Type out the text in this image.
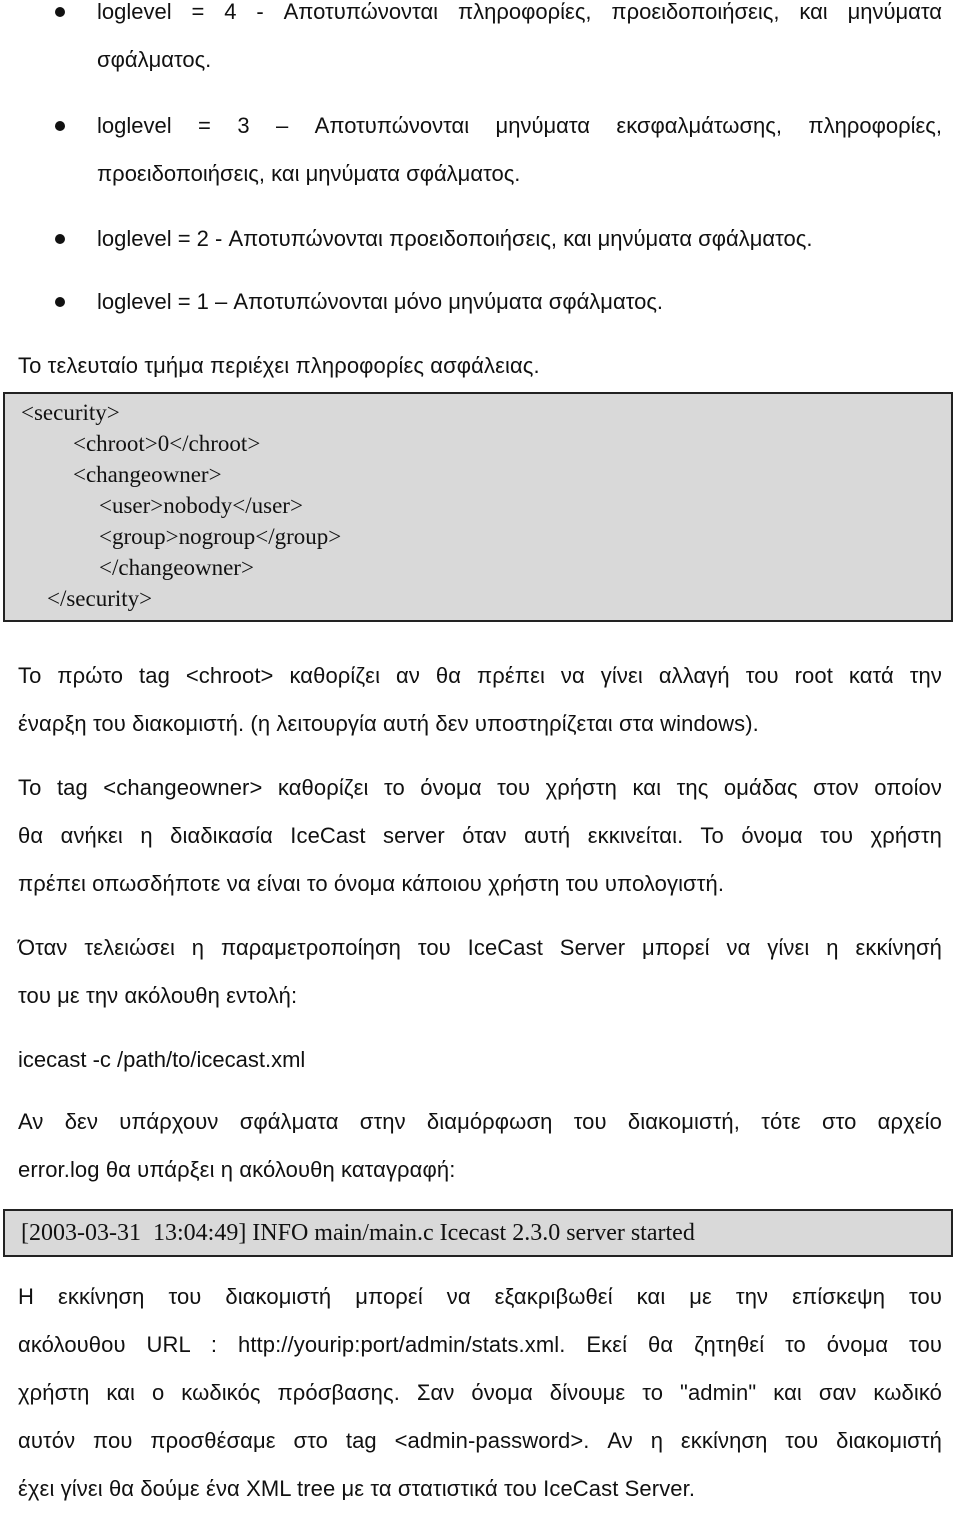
loglevel = 4 - Αποτυπώνονται πληροφορίες, προειδοποιήσεις, και μηνύματα
σφάλματος.
loglevel = 3 – Αποτυπώνονται μηνύματα εκσφαλμάτωσης, πληροφορίες,
προειδοποιήσεις, και μηνύματα σφάλματος.
loglevel = 2 - Αποτυπώνονται προειδοποιήσεις, και μηνύματα σφάλματος.
loglevel = 1 – Αποτυπώνονται μόνο μηνύματα σφάλματος.

Το τελευταίο τμήμα περιέχει πληροφορίες ασφάλειας.

<security>
<chroot>0</chroot>
<changeowner>
<user>nobody</user>
<group>nogroup</group>
</changeowner>
</security>

Το πρώτο tag <chroot> καθορίζει αν θα πρέπει να γίνει αλλαγή του root κατά την
έναρξη του διακομιστή. (η λειτουργία αυτή δεν υποστηρίζεται στα windows).

Το tag <changeowner> καθορίζει το όνομα του χρήστη και της ομάδας στον οποίον
θα ανήκει η διαδικασία IceCast server όταν αυτή εκκινείται. Το όνομα του χρήστη
πρέπει οπωσδήποτε να είναι το όνομα κάποιου χρήστη του υπολογιστή.

Όταν τελειώσει η παραμετροποίηση του IceCast Server μπορεί να γίνει η εκκίνησή
του με την ακόλουθη εντολή:

icecast -c /path/to/icecast.xml

Αν δεν υπάρχουν σφάλματα στην διαμόρφωση του διακομιστή, τότε στο αρχείο
error.log θα υπάρξει η ακόλουθη καταγραφή:

[2003-03-31  13:04:49] INFO main/main.c Icecast 2.3.0 server started

Η εκκίνηση του διακομιστή μπορεί να εξακριβωθεί και με την επίσκεψη του
ακόλουθου URL : http://yourip:port/admin/stats.xml. Εκεί θα ζητηθεί το όνομα του
χρήστη και ο κωδικός πρόσβασης. Σαν όνομα δίνουμε το "admin" και σαν κωδικό
αυτόν που προσθέσαμε στο tag <admin-password>. Αν η εκκίνηση του διακομιστή
έχει γίνει θα δούμε ένα XML tree με τα στατιστικά του IceCast Server.
